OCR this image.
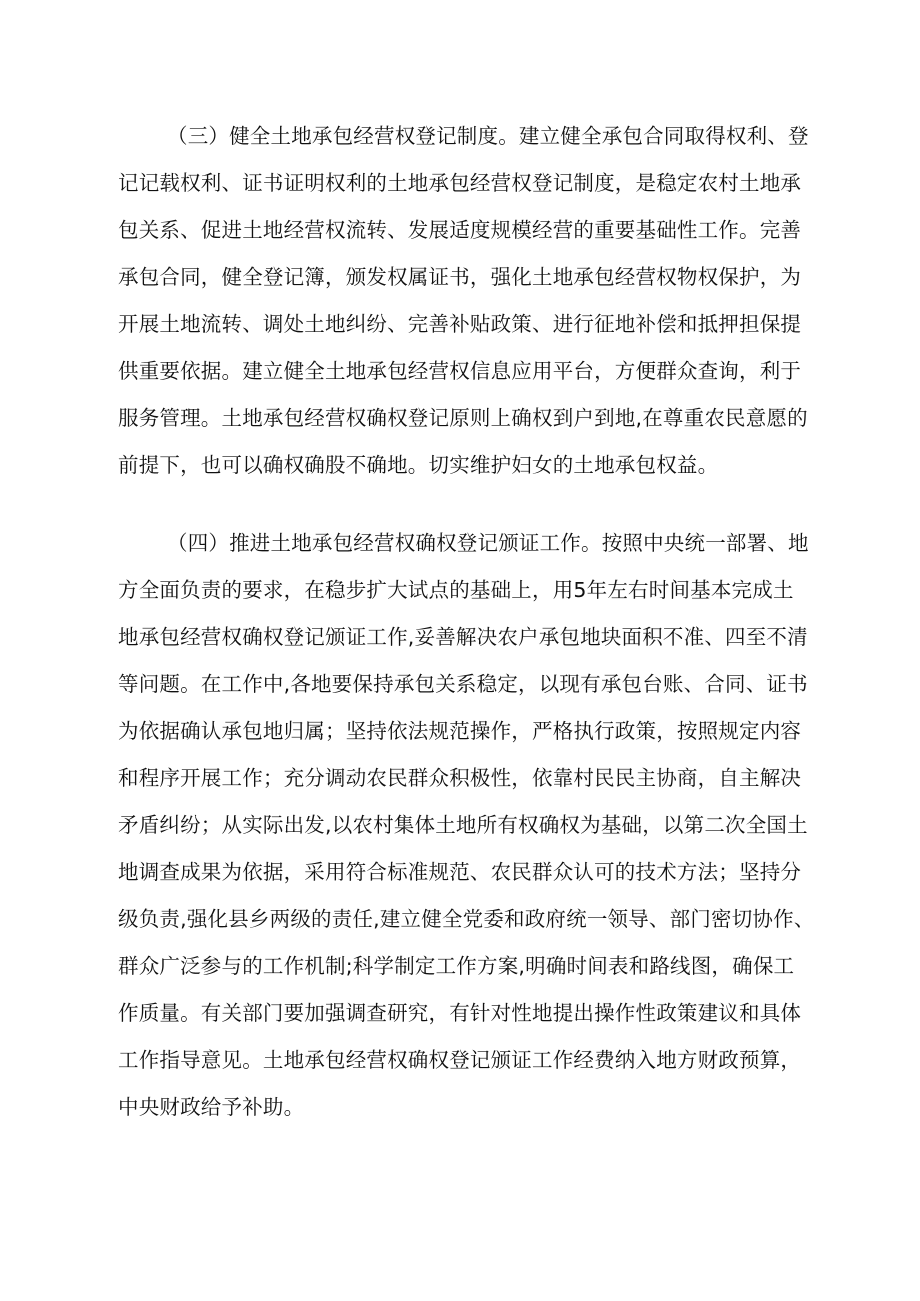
（三）健全土地承包经营权登记制度。建立健全承包合同取得权利、登
记记载权利、证书证明权利的土地承包经营权登记制度，是稳定农村土地承
包关系、促进土地经营权流转、发展适度规模经营的重要基础性工作。完善
承包合同，健全登记簿，颁发权属证书，强化土地承包经营权物权保护，为
开展土地流转、调处土地纠纷、完善补贴政策、进行征地补偿和抵押担保提
供重要依据。建立健全土地承包经营权信息应用平台，方便群众查询，利于
服务管理。土地承包经营权确权登记原则上确权到户到地,在尊重农民意愿的
前提下，也可以确权确股不确地。切实维护妇女的土地承包权益。
（四）推进土地承包经营权确权登记颁证工作。按照中央统一部署、地
方全面负责的要求，在稳步扩大试点的基础上，用5年左右时间基本完成土
地承包经营权确权登记颁证工作,妥善解决农户承包地块面积不准、四至不清
等问题。在工作中,各地要保持承包关系稳定，以现有承包台账、合同、证书
为依据确认承包地归属；坚持依法规范操作，严格执行政策，按照规定内容
和程序开展工作；充分调动农民群众积极性，依靠村民民主协商，自主解决
矛盾纠纷；从实际出发,以农村集体土地所有权确权为基础，以第二次全国土
地调查成果为依据，采用符合标准规范、农民群众认可的技术方法；坚持分
级负责,强化县乡两级的责任,建立健全党委和政府统一领导、部门密切协作、
群众广泛参与的工作机制;科学制定工作方案,明确时间表和路线图，确保工
作质量。有关部门要加强调查研究，有针对性地提出操作性政策建议和具体
工作指导意见。土地承包经营权确权登记颁证工作经费纳入地方财政预算，
中央财政给予补助。
